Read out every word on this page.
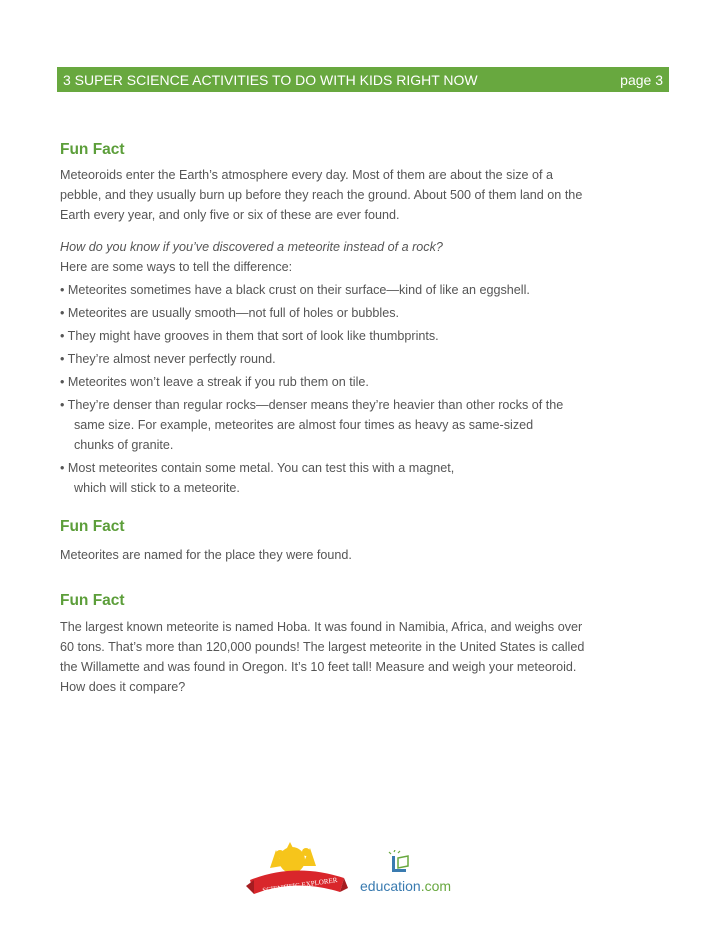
3 SUPER SCIENCE ACTIVITIES TO DO WITH KIDS RIGHT NOW	page 3
Fun Fact

Meteoroids enter the Earth’s atmosphere every day. Most of them are about the size of a

pebble, and they usually burn up before they reach the ground. About 500 of them land on the

Earth every year, and only five or six of these are ever found.

How do you know if you’ve discovered a meteorite instead of a rock?

Here are some ways to tell the difference:

• Meteorites sometimes have a black crust on their surface—kind of like an eggshell.
• Meteorites are usually smooth—not full of holes or bubbles.
• They might have grooves in them that sort of look like thumbprints.
• They’re almost never perfectly round.
• Meteorites won’t leave a streak if you rub them on tile.
• They’re denser than regular rocks—denser means they’re heavier than other rocks of the
same size. For example, meteorites are almost four times as heavy as same-sized
chunks of granite.
• Most meteorites contain some metal. You can test this with a magnet,
which will stick to a meteorite.
Fun Fact

Meteorites are named for the place they were found.

Fun Fact

The largest known meteorite is named Hoba. It was found in Namibia, Africa, and weighs over

60 tons. That’s more than 120,000 pounds! The largest meteorite in the United States is called

the Willamette and was found in Oregon. It’s 10 feet tall! Measure and weigh your meteoroid.

How does it compare?

SCIENTIFIC EXPLORER education.com
